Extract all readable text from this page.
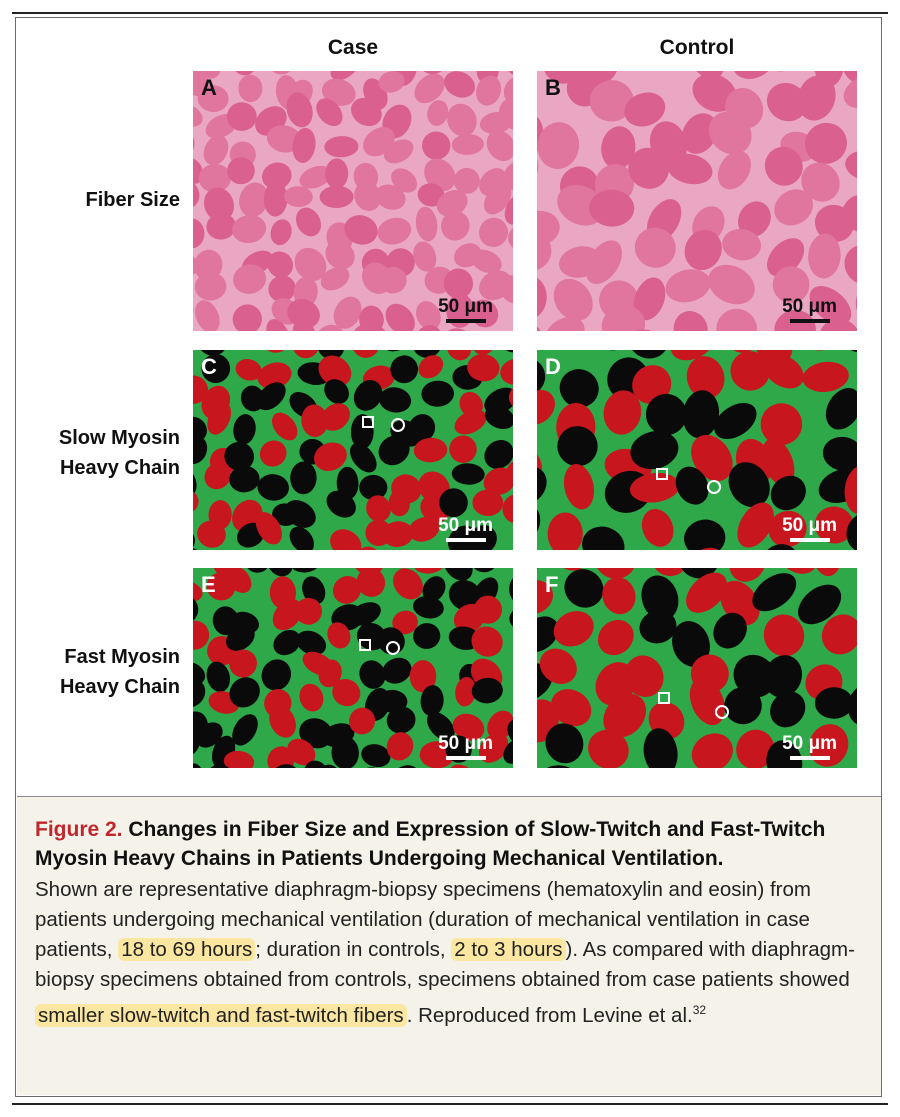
Case	Control
Fiber Size
Slow Myosin
Heavy Chain
Fast Myosin
Heavy Chain
A
50 μm
B
50 μm
C
50 μm
D
50 μm
E
50 μm
F
50 μm
Figure 2. Changes in Fiber Size and Expression of Slow-Twitch and Fast-Twitch Myosin Heavy Chains in Patients Undergoing Mechanical Ventilation.
Shown are representative diaphragm-biopsy specimens (hematoxylin and eosin) from patients undergoing mechanical ventilation (duration of mechanical ventilation in case patients, 18 to 69 hours ; duration in controls, 2 to 3 hours ). As compared with diaphragm-biopsy specimens obtained from controls, specimens obtained from case patients showed smaller slow-twitch and fast-twitch fibers . Reproduced from Levine et al.$^{32}$
